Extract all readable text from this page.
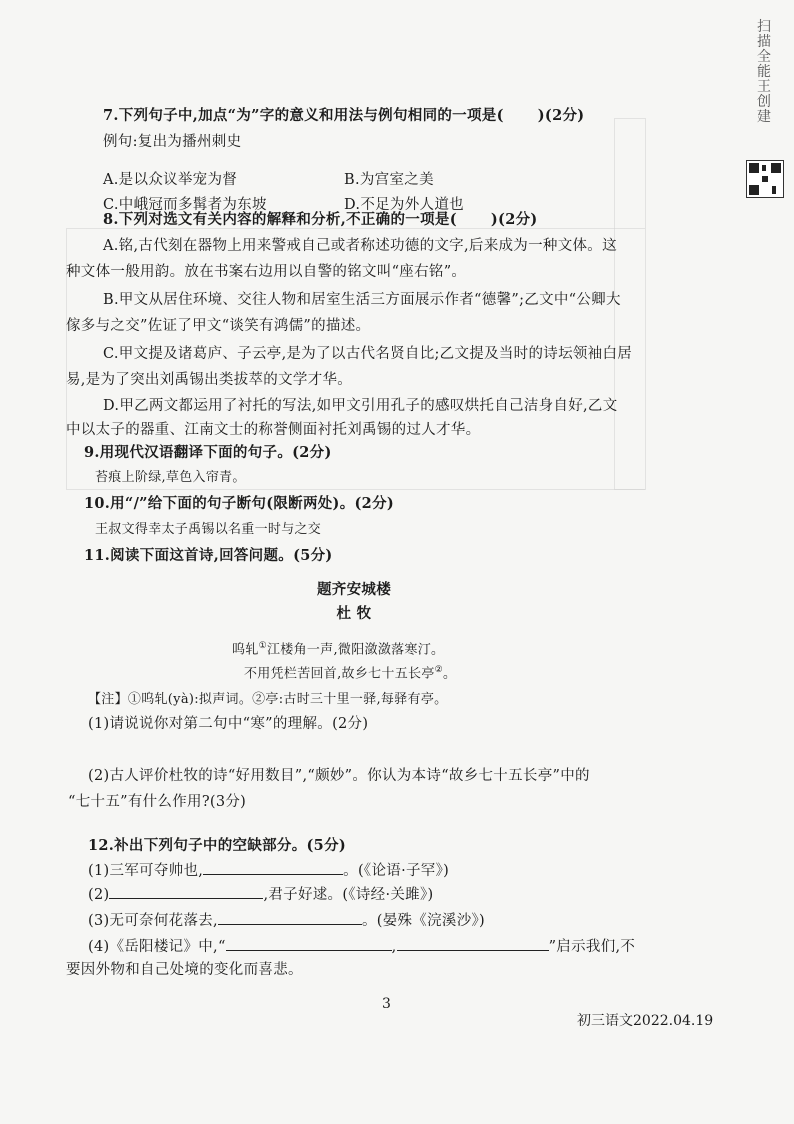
扫描全能王 创建
7.下列句子中,加点“为”字的意义和用法与例句相同的一项是( )(2分)
例句:复出为播州刺史
A.是以众议举宠为督	B.为宫室之美
C.中峨冠而多髯者为东坡	D.不足为外人道也
8.下列对选文有关内容的解释和分析,不正确的一项是( )(2分)
A.铭,古代刻在器物上用来警戒自己或者称述功德的文字,后来成为一种文体。这
种文体一般用韵。放在书案右边用以自警的铭文叫“座右铭”。
B.甲文从居住环境、交往人物和居室生活三方面展示作者“德馨”;乙文中“公卿大
傢多与之交”佐证了甲文“谈笑有鸿儒”的描述。
C.甲文提及诸葛庐、子云亭,是为了以古代名贤自比;乙文提及当时的诗坛领袖白居
易,是为了突出刘禹锡出类拔萃的文学才华。
D.甲乙两文都运用了衬托的写法,如甲文引用孔子的感叹烘托自己洁身自好,乙文
中以太子的器重、江南文士的称誉侧面衬托刘禹锡的过人才华。
9.用现代汉语翻译下面的句子。(2分)
苔痕上阶绿,草色入帘青。
10.用“/”给下面的句子断句(限断两处)。(2分)
王叔文得幸太子禹锡以名重一时与之交
11.阅读下面这首诗,回答问题。(5分)
题齐安城楼
杜 牧
呜轧①江楼角一声,微阳潋潋落寒汀。
不用凭栏苦回首,故乡七十五长亭②。
【注】①呜轧(yà):拟声词。②亭:古时三十里一驿,每驿有亭。
(1)请说说你对第二句中“寒”的理解。(2分)
(2)古人评价杜牧的诗“好用数目”,“颇妙”。你认为本诗“故乡七十五长亭”中的
“七十五”有什么作用?(3分)
12.补出下列句子中的空缺部分。(5分)
(1)三军可夺帅也,	。(《论语·子罕》)
(2)	,君子好逑。(《诗经·关雎》)
(3)无可奈何花落去,	。(晏殊《浣溪沙》)
(4)《岳阳楼记》中,“	,	”启示我们,不
要因外物和自己处境的变化而喜悲。
3
初三语文2022.04.19
